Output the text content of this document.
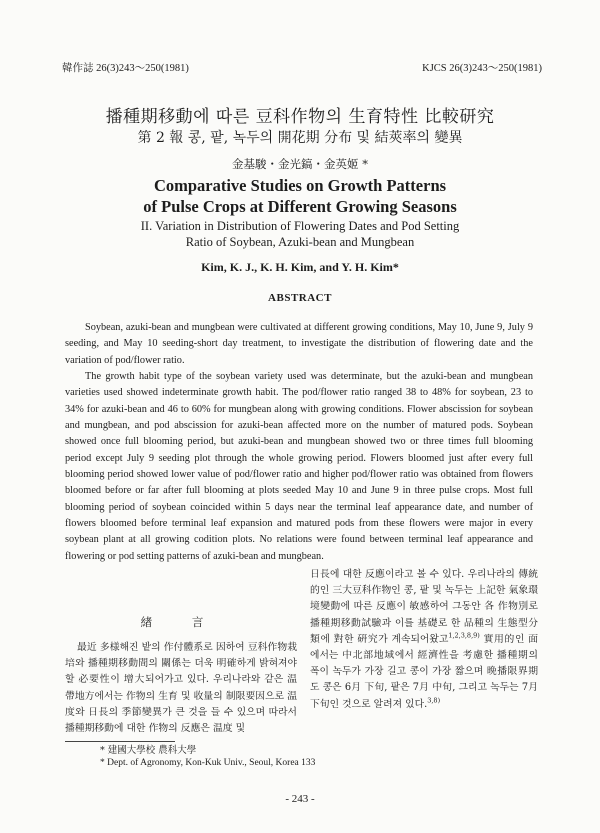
韓作誌 26(3)243～250(1981)	KJCS 26(3)243～250(1981)
播種期移動에 따른 豆科作物의 生育特性 比較研究
第 2 報 콩, 팥, 녹두의 開花期 分布 및 結莢率의 變異
金基駿・金光鎬・金英姬 *
Comparative Studies on Growth Patterns
of Pulse Crops at Different Growing Seasons
II. Variation in Distribution of Flowering Dates and Pod Setting
Ratio of Soybean, Azuki-bean and Mungbean
Kim, K. J., K. H. Kim, and Y. H. Kim*
ABSTRACT

Soybean, azuki-bean and mungbean were cultivated at different growing conditions, May 10, June 9, July 9 seeding, and May 10 seeding-short day treatment, to investigate the distribution of flowering date and the variation of pod/flower ratio.

The growth habit type of the soybean variety used was determinate, but the azuki-bean and mungbean varieties used showed indeterminate growth habit. The pod/flower ratio ranged 38 to 48% for soybean, 23 to 34% for azuki-bean and 46 to 60% for mungbean along with growing conditions. Flower abscission for soybean and mungbean, and pod abscission for azuki-bean affected more on the number of matured pods. Soybean showed once full blooming period, but azuki-bean and mungbean showed two or three times full blooming period except July 9 seeding plot through the whole growing period. Flowers bloomed just after every full blooming period showed lower value of pod/flower ratio and higher pod/flower ratio was obtained from flowers bloomed before or far after full blooming at plots seeded May 10 and June 9 in three pulse crops. Most full blooming period of soybean coincided within 5 days near the terminal leaf appearance date, and number of flowers bloomed before terminal leaf expansion and matured pods from these flowers were major in every soybean plant at all growing codition plots. No relations were found between terminal leaf appearance and flowering or pod setting patterns of azuki-bean and mungbean.

緖 言

最近 多様해진 밭의 作付體系로 因하여 豆科作物栽培와 播種期移動間의 關係는 더욱 明確하게 밝혀져야할 必要性이 增大되어가고 있다. 우리나라와 같은 温帶地方에서는 作物의 生育 및 收量의 制限要因으로 温度와 日長의 季節變異가 큰 것을 들 수 있으며 따라서 播種期移動에 대한 作物의 反應은 温度 및

日長에 대한 反應이라고 볼 수 있다. 우리나라의 傳統的인 三大豆科作物인 콩, 팥 및 녹두는 上記한 氣象環境變動에 따른 反應이 敏感하여 그동안 各 作物別로 播種期移動試驗과 이를 基礎로 한 品種의 生態型分類에 對한 硏究가 계속되어왔고$^{1,2,3,8,9)}$ 實用的인 面에서는 中北部地域에서 經濟性을 考慮한 播種期의 폭이 녹두가 가장 길고 콩이 가장 짧으며 晩播限界期도 콩은 6月 下旬, 팥은 7月 中旬, 그리고 녹두는 7月 下旬인 것으로 알려져 있다.$^{3,8)}$

* 建國大學校 農科大學
* Dept. of Agronomy, Kon-Kuk Univ., Seoul, Korea 133
- 243 -
